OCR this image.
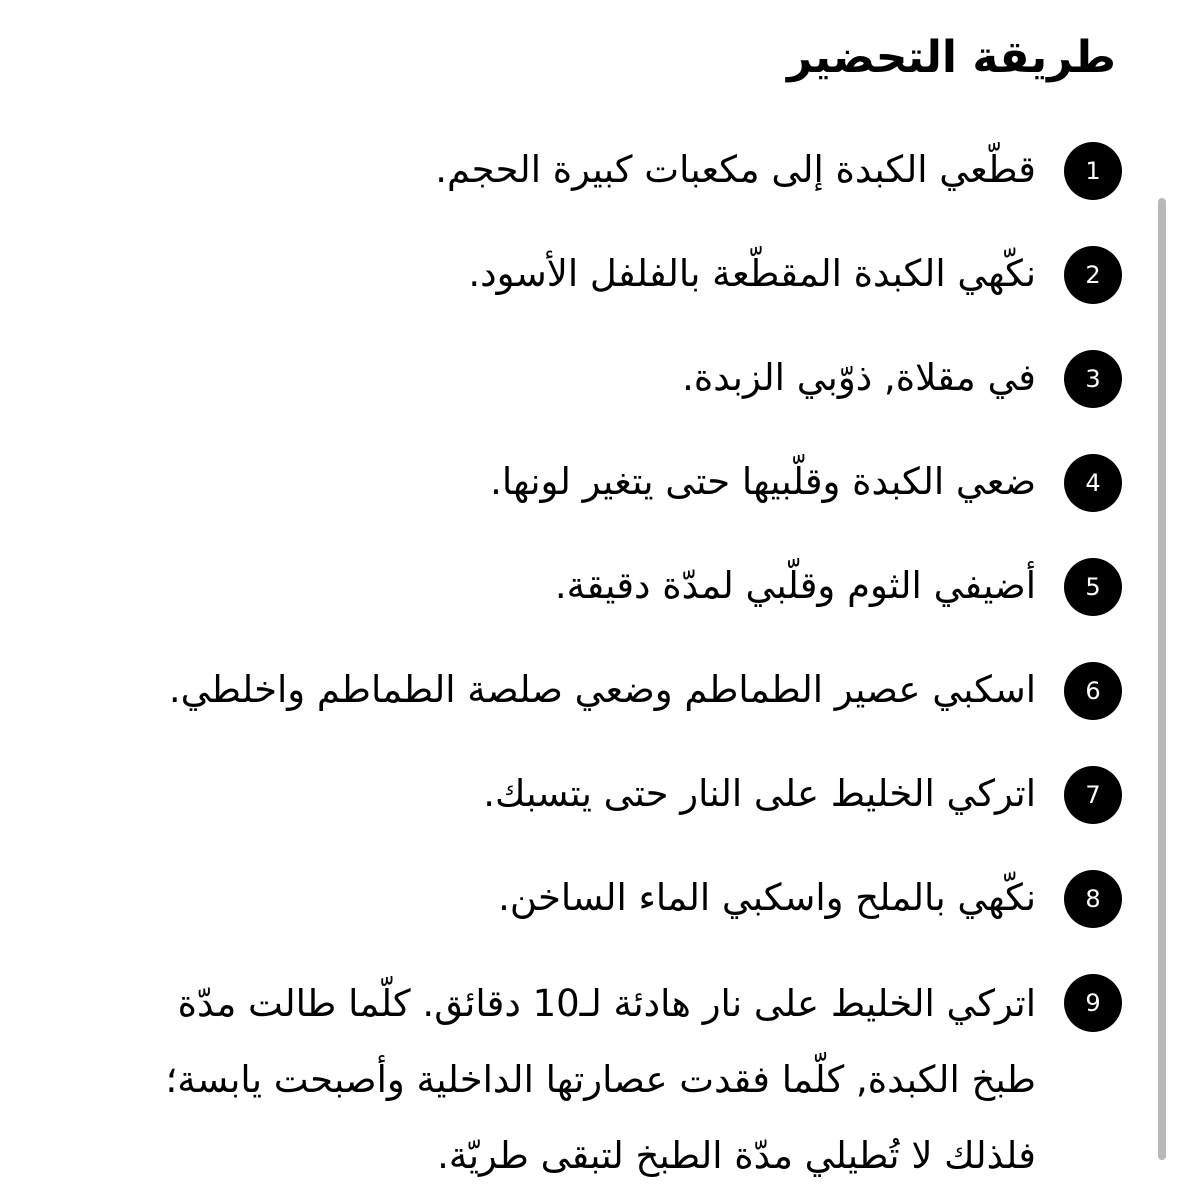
طريقة التحضير
1
قطّعي الكبدة إلى مكعبات كبيرة الحجم.
2
نكّهي الكبدة المقطّعة بالفلفل الأسود.
3
في مقلاة, ذوّبي الزبدة.
4
ضعي الكبدة وقلّبيها حتى يتغير لونها.
5
أضيفي الثوم وقلّبي لمدّة دقيقة.
6
اسكبي عصير الطماطم وضعي صلصة الطماطم واخلطي.
7
اتركي الخليط على النار حتى يتسبك.
8
نكّهي بالملح واسكبي الماء الساخن.
9
اتركي الخليط على نار هادئة لـ10 دقائق. كلّما طالت مدّة
طبخ الكبدة, كلّما فقدت عصارتها الداخلية وأصبحت يابسة؛
فلذلك لا تُطيلي مدّة الطبخ لتبقى طريّة.
